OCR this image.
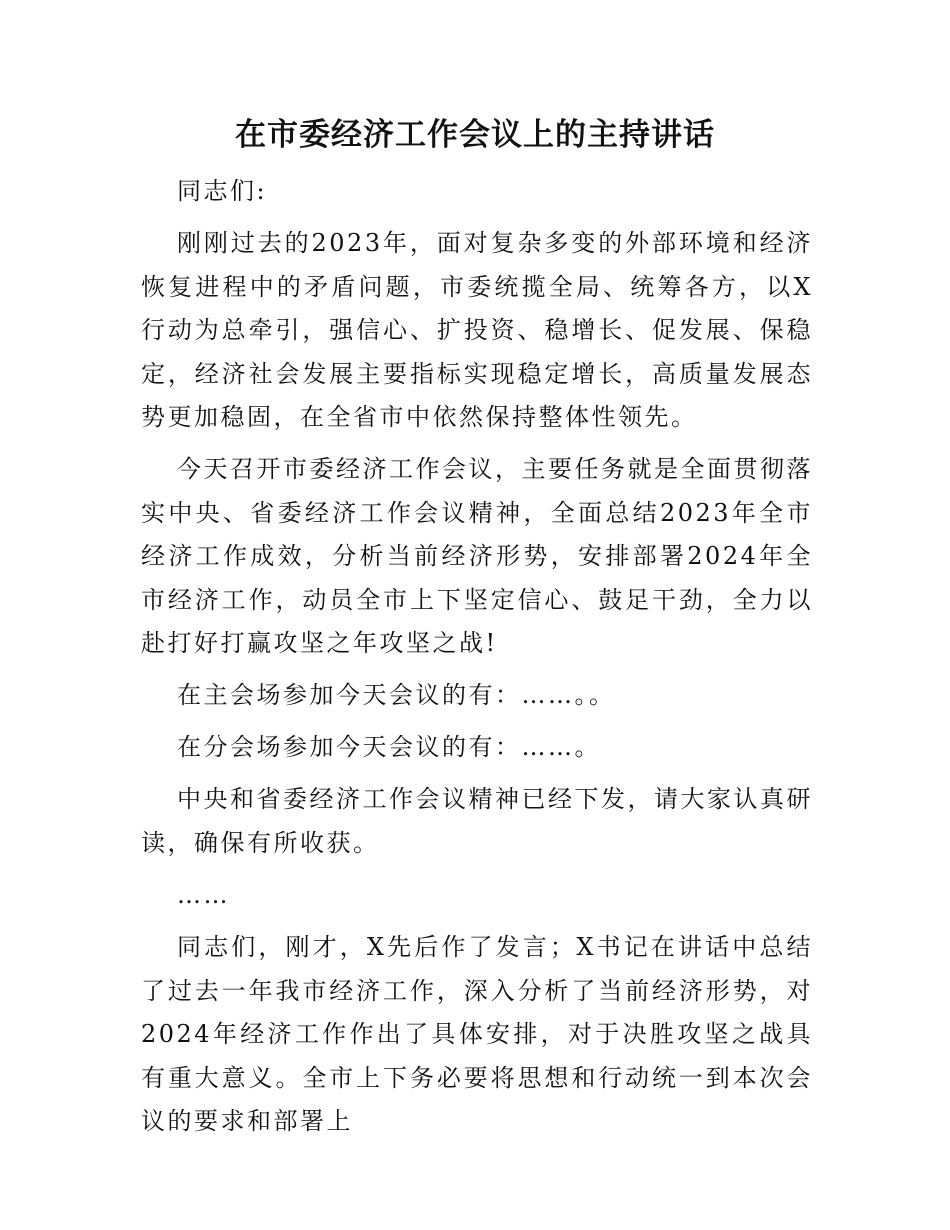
在市委经济工作会议上的主持讲话

同志们:

刚刚过去的2023年，面对复杂多变的外部环境和经济恢复进程中的矛盾问题，市委统揽全局、统筹各方，以X行动为总牵引，强信心、扩投资、稳增长、促发展、保稳定，经济社会发展主要指标实现稳定增长，高质量发展态势更加稳固，在全省市中依然保持整体性领先。

今天召开市委经济工作会议，主要任务就是全面贯彻落实中央、省委经济工作会议精神，全面总结2023年全市经济工作成效，分析当前经济形势，安排部署2024年全市经济工作，动员全市上下坚定信心、鼓足干劲，全力以赴打好打赢攻坚之年攻坚之战!

在主会场参加今天会议的有：……。。

在分会场参加今天会议的有：……。

中央和省委经济工作会议精神已经下发，请大家认真研读，确保有所收获。

……

同志们，刚才，X先后作了发言；X书记在讲话中总结了过去一年我市经济工作，深入分析了当前经济形势，对2024年经济工作作出了具体安排，对于决胜攻坚之战具有重大意义。全市上下务必要将思想和行动统一到本次会议的要求和部署上
